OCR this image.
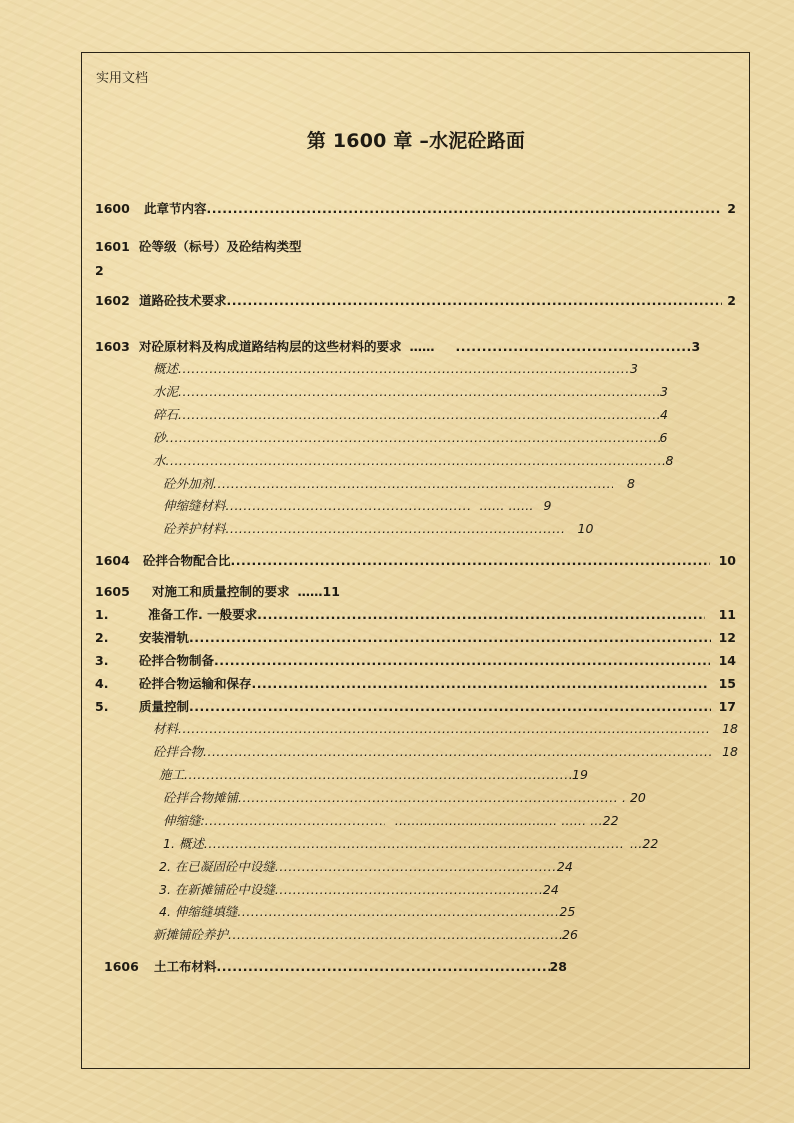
实用文档
第 1600 章 –水泥砼路面
1600 此章节内容.....	2
1601 砼等级（标号）及砼结构类型
2
1602 道路砼技术要求.....	2
1603 对砼原材料及构成道路结构层的这些材料的要求 …… .....	3
概述 .....	3
水泥 .....	3
碎石 .....	4
砂 .....	6
水 .....	8
砼外加剂 .....	8
伸缩缝材料 .....	…… …… 9
砼养护材料 .....	10
1604 砼拌合物配合比.....	10
1605 对施工和质量控制的要求 ……11
1.	准备工作. 一般要求.....	11
2. 安装滑轨.....	12
3. 砼拌合物制备.....	14
4. 砼拌合物运输和保存.....	15
5. 质量控制.....	17
材料 .....	18
砼拌合物 .....	18
施工 .....	19
砼拌合物摊铺 .....	. 20
伸缩缝: .....	………………………………… …… …22
1. 概述 .....	…22
2. 在已凝固砼中设缝 .....	24
3. 在新摊铺砼中设缝 .....	24
4. 伸缩缝填缝 .....	25
新摊铺砼养护 .....	26
1606 土工布材料 .....	28
